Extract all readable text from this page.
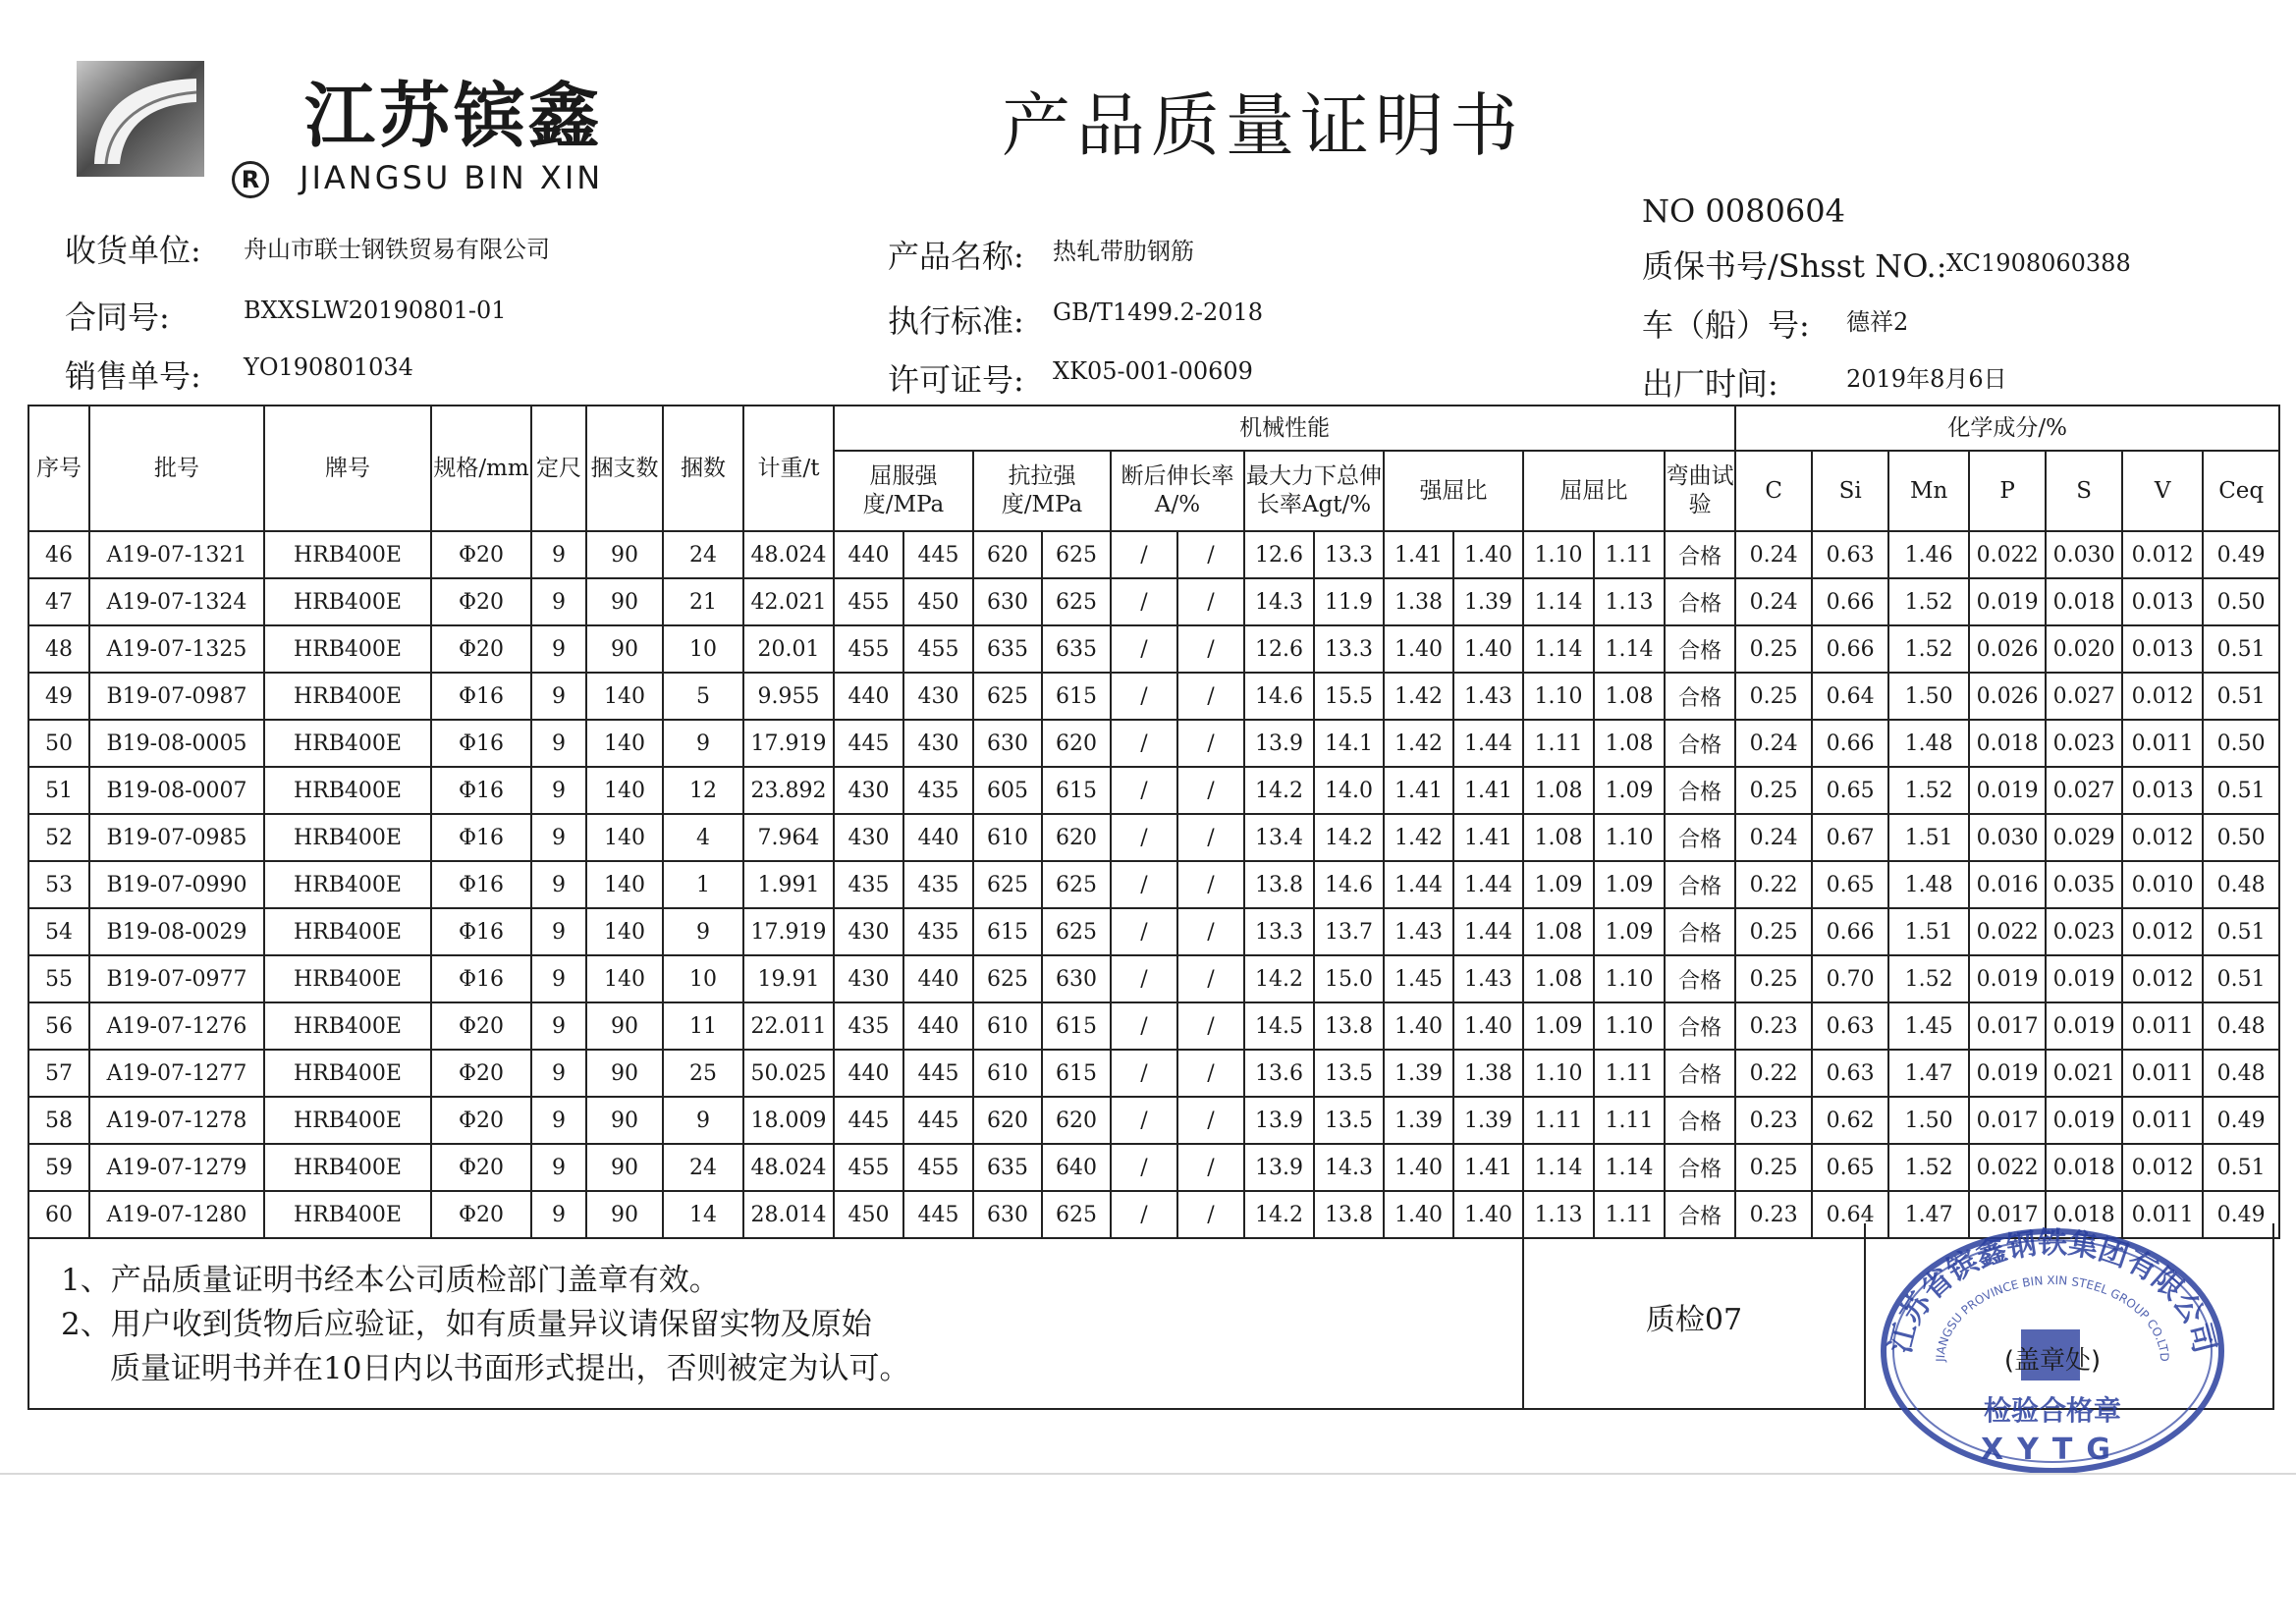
R
江苏镔鑫
JIANGSU BIN XIN
产品质量证明书
NO 0080604
收货单位: 舟山市联士钢铁贸易有限公司
合同号:	BXXSLW20190801-01
销售单号: YO190801034
产品名称: 热轧带肋钢筋
执行标准: GB/T1499.2-2018
许可证号: XK05-001-00609
质保书号/Shsst NO.: XC1908060388
车（船）号: 德祥2
出厂时间:	2019年8月6日
序号	批号	牌号	规格/mm	定尺	捆支数	捆数	计重/t	机械性能													化学成分/%						
								屈服强度/MPa		抗拉强度/MPa		断后伸长率A/%		最大力下总伸长率Agt/%		强屈比		屈屈比		弯曲试验	C	Si	Mn	P	S	V	Ceq
46	A19-07-1321	HRB400E	Φ20	9	90	24	48.024	440	445	620	625	/	/	12.6	13.3	1.41	1.40	1.10	1.11	合格	0.24	0.63	1.46	0.022	0.030	0.012	0.49
47	A19-07-1324	HRB400E	Φ20	9	90	21	42.021	455	450	630	625	/	/	14.3	11.9	1.38	1.39	1.14	1.13	合格	0.24	0.66	1.52	0.019	0.018	0.013	0.50
48	A19-07-1325	HRB400E	Φ20	9	90	10	20.01	455	455	635	635	/	/	12.6	13.3	1.40	1.40	1.14	1.14	合格	0.25	0.66	1.52	0.026	0.020	0.013	0.51
49	B19-07-0987	HRB400E	Φ16	9	140	5	9.955	440	430	625	615	/	/	14.6	15.5	1.42	1.43	1.10	1.08	合格	0.25	0.64	1.50	0.026	0.027	0.012	0.51
50	B19-08-0005	HRB400E	Φ16	9	140	9	17.919	445	430	630	620	/	/	13.9	14.1	1.42	1.44	1.11	1.08	合格	0.24	0.66	1.48	0.018	0.023	0.011	0.50
51	B19-08-0007	HRB400E	Φ16	9	140	12	23.892	430	435	605	615	/	/	14.2	14.0	1.41	1.41	1.08	1.09	合格	0.25	0.65	1.52	0.019	0.027	0.013	0.51
52	B19-07-0985	HRB400E	Φ16	9	140	4	7.964	430	440	610	620	/	/	13.4	14.2	1.42	1.41	1.08	1.10	合格	0.24	0.67	1.51	0.030	0.029	0.012	0.50
53	B19-07-0990	HRB400E	Φ16	9	140	1	1.991	435	435	625	625	/	/	13.8	14.6	1.44	1.44	1.09	1.09	合格	0.22	0.65	1.48	0.016	0.035	0.010	0.48
54	B19-08-0029	HRB400E	Φ16	9	140	9	17.919	430	435	615	625	/	/	13.3	13.7	1.43	1.44	1.08	1.09	合格	0.25	0.66	1.51	0.022	0.023	0.012	0.51
55	B19-07-0977	HRB400E	Φ16	9	140	10	19.91	430	440	625	630	/	/	14.2	15.0	1.45	1.43	1.08	1.10	合格	0.25	0.70	1.52	0.019	0.019	0.012	0.51
56	A19-07-1276	HRB400E	Φ20	9	90	11	22.011	435	440	610	615	/	/	14.5	13.8	1.40	1.40	1.09	1.10	合格	0.23	0.63	1.45	0.017	0.019	0.011	0.48
57	A19-07-1277	HRB400E	Φ20	9	90	25	50.025	440	445	610	615	/	/	13.6	13.5	1.39	1.38	1.10	1.11	合格	0.22	0.63	1.47	0.019	0.021	0.011	0.48
58	A19-07-1278	HRB400E	Φ20	9	90	9	18.009	445	445	620	620	/	/	13.9	13.5	1.39	1.39	1.11	1.11	合格	0.23	0.62	1.50	0.017	0.019	0.011	0.49
59	A19-07-1279	HRB400E	Φ20	9	90	24	48.024	455	455	635	640	/	/	13.9	14.3	1.40	1.41	1.14	1.14	合格	0.25	0.65	1.52	0.022	0.018	0.012	0.51
60	A19-07-1280	HRB400E	Φ20	9	90	14	28.014	450	445	630	625	/	/	14.2	13.8	1.40	1.40	1.13	1.11	合格	0.23	0.64	1.47	0.017	0.018	0.011	0.49
1、产品质量证明书经本公司质检部门盖章有效。
2、用户收到货物后应验证，如有质量异议请保留实物及原始
质量证明书并在10日内以书面形式提出，否则被定为认可。
质检07	江苏省镔鑫钢铁集团有限公司
JIANGSU PROVINCE BIN XIN STEEL GROUP CO.LTD
(盖章处)
检验合格章
XYTG
